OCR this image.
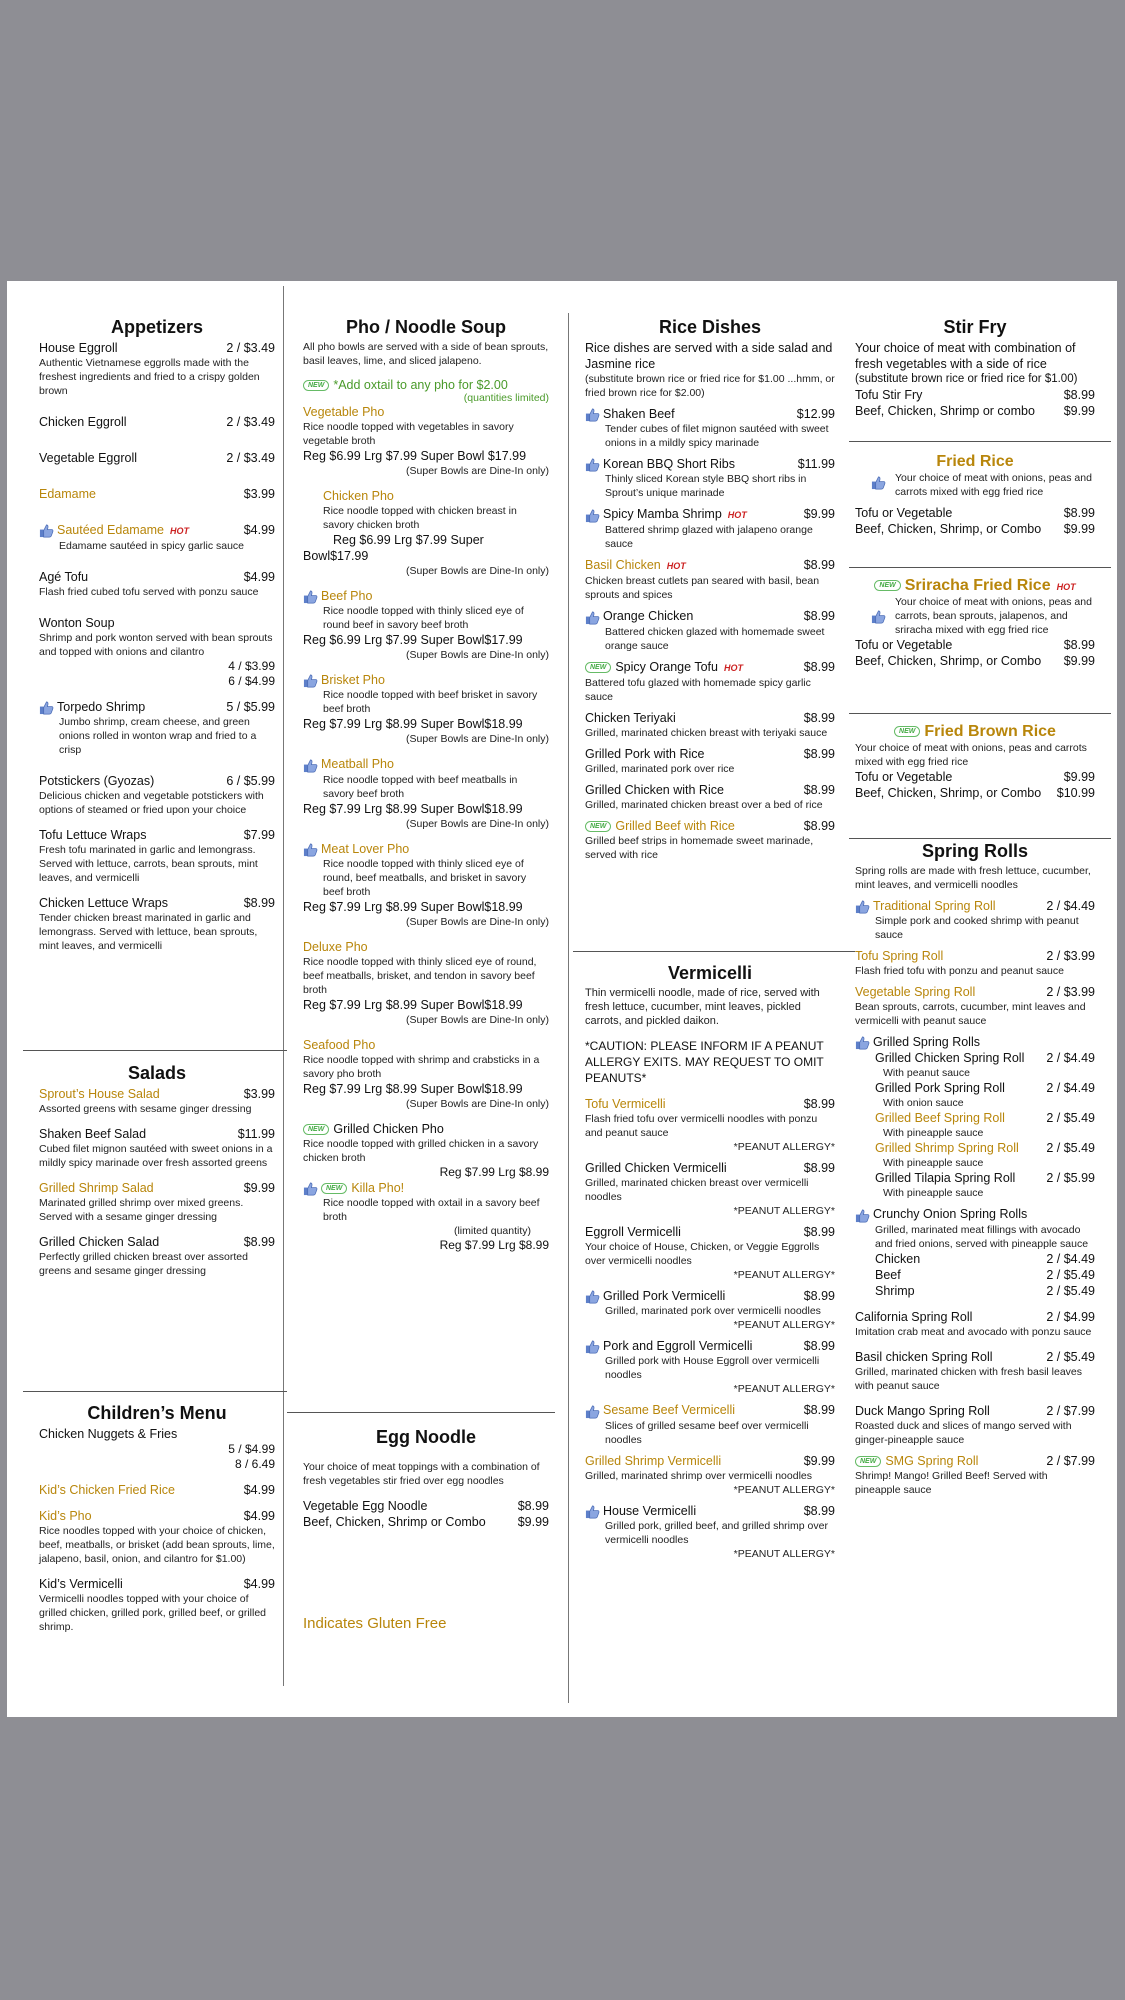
Appetizers
House Eggroll	2 / $3.49
Authentic Vietnamese eggrolls made with the freshest ingredients and fried to a crispy golden brown
Chicken Eggroll	2 / $3.49
Vegetable Eggroll	2 / $3.49
Edamame	$3.99
Sautéed Edamame HOT	$4.99
Edamame sautéed in spicy garlic sauce
Agé Tofu	$4.99
Flash fried cubed tofu served with ponzu sauce
Wonton Soup
Shrimp and pork wonton served with bean sprouts and topped with onions and cilantro
4 / $3.99
6 / $4.99
Torpedo Shrimp	5 / $5.99
Jumbo shrimp, cream cheese, and green onions rolled in wonton wrap and fried to a crisp
Potstickers (Gyozas)	6 / $5.99
Delicious chicken and vegetable potstickers with options of steamed or fried upon your choice
Tofu Lettuce Wraps	$7.99
Fresh tofu marinated in garlic and lemongrass. Served with lettuce, carrots, bean sprouts, mint leaves, and vermicelli
Chicken Lettuce Wraps	$8.99
Tender chicken breast marinated in garlic and lemongrass. Served with lettuce, bean sprouts, mint leaves, and vermicelli
Salads
Sprout’s House Salad	$3.99
Assorted greens with sesame ginger dressing
Shaken Beef Salad	$11.99
Cubed filet mignon sautéed with sweet onions in a mildly spicy marinade over fresh assorted greens
Grilled Shrimp Salad	$9.99
Marinated grilled shrimp over mixed greens. Served with a sesame ginger dressing
Grilled Chicken Salad	$8.99
Perfectly grilled chicken breast over assorted greens and sesame ginger dressing
Children’s Menu
Chicken Nuggets & Fries
5 / $4.99
8 / 6.49
Kid’s Chicken Fried Rice	$4.99
Kid’s Pho	$4.99
Rice noodles topped with your choice of chicken, beef, meatballs, or brisket (add bean sprouts, lime, jalapeno, basil, onion, and cilantro for $1.00)
Kid’s Vermicelli	$4.99
Vermicelli noodles topped with your choice of grilled chicken, grilled pork, grilled beef, or grilled shrimp.
Pho / Noodle Soup
All pho bowls are served with a side of bean sprouts, basil leaves, lime, and sliced jalapeno.
NEW *Add oxtail to any pho for $2.00
(quantities limited)
Vegetable Pho
Rice noodle topped with vegetables in savory vegetable broth
Reg $6.99 Lrg $7.99 Super Bowl $17.99
(Super Bowls are Dine-In only)
Chicken Pho
Rice noodle topped with chicken breast in savory chicken broth
Reg $6.99 Lrg $7.99 Super
Bowl$17.99
(Super Bowls are Dine-In only)
Beef Pho
Rice noodle topped with thinly sliced eye of round beef in savory beef broth
Reg $6.99 Lrg $7.99 Super Bowl$17.99
(Super Bowls are Dine-In only)
Brisket Pho
Rice noodle topped with beef brisket in savory beef broth
Reg $7.99 Lrg $8.99 Super Bowl$18.99
(Super Bowls are Dine-In only)
Meatball Pho
Rice noodle topped with beef meatballs in savory beef broth
Reg $7.99 Lrg $8.99 Super Bowl$18.99
(Super Bowls are Dine-In only)
Meat Lover Pho
Rice noodle topped with thinly sliced eye of round, beef meatballs, and brisket in savory beef broth
Reg $7.99 Lrg $8.99 Super Bowl$18.99
(Super Bowls are Dine-In only)
Deluxe Pho
Rice noodle topped with thinly sliced eye of round, beef meatballs, brisket, and tendon in savory beef broth
Reg $7.99 Lrg $8.99 Super Bowl$18.99
(Super Bowls are Dine-In only)
Seafood Pho
Rice noodle topped with shrimp and crabsticks in a savory pho broth
Reg $7.99 Lrg $8.99 Super Bowl$18.99
(Super Bowls are Dine-In only)
NEW Grilled Chicken Pho
Rice noodle topped with grilled chicken in a savory chicken broth
Reg $7.99 Lrg $8.99
NEW Killa Pho!
Rice noodle topped with oxtail in a savory beef broth
(limited quantity)
Reg $7.99 Lrg $8.99
Egg Noodle
Your choice of meat toppings with a combination of fresh vegetables stir fried over egg noodles
Vegetable Egg Noodle	$8.99
Beef, Chicken, Shrimp or Combo	$9.99
Indicates Gluten Free
Rice Dishes
Rice dishes are served with a side salad and Jasmine rice
(substitute brown rice or fried rice for $1.00 ...hmm, or fried brown rice for $2.00)
Shaken Beef	$12.99
Tender cubes of filet mignon sautéed with sweet onions in a mildly spicy marinade
Korean BBQ Short Ribs	$11.99
Thinly sliced Korean style BBQ short ribs in Sprout’s unique marinade
Spicy Mamba Shrimp HOT	$9.99
Battered shrimp glazed with jalapeno orange sauce
Basil Chicken HOT	$8.99
Chicken breast cutlets pan seared with basil, bean sprouts and spices
Orange Chicken	$8.99
Battered chicken glazed with homemade sweet orange sauce
NEW Spicy Orange Tofu HOT	$8.99
Battered tofu glazed with homemade spicy garlic sauce
Chicken Teriyaki	$8.99
Grilled, marinated chicken breast with teriyaki sauce
Grilled Pork with Rice	$8.99
Grilled, marinated pork over rice
Grilled Chicken with Rice	$8.99
Grilled, marinated chicken breast over a bed of rice
NEW Grilled Beef with Rice	$8.99
Grilled beef strips in homemade sweet marinade, served with rice
Vermicelli
Thin vermicelli noodle, made of rice, served with fresh lettuce, cucumber, mint leaves, pickled carrots, and pickled daikon.
*CAUTION: PLEASE INFORM IF A PEANUT ALLERGY EXITS. MAY REQUEST TO OMIT PEANUTS*
Tofu Vermicelli	$8.99
Flash fried tofu over vermicelli noodles with ponzu and peanut sauce
*PEANUT ALLERGY*
Grilled Chicken Vermicelli	$8.99
Grilled, marinated chicken breast over vermicelli noodles
*PEANUT ALLERGY*
Eggroll Vermicelli	$8.99
Your choice of House, Chicken, or Veggie Eggrolls over vermicelli noodles
*PEANUT ALLERGY*
Grilled Pork Vermicelli	$8.99
Grilled, marinated pork over vermicelli noodles
*PEANUT ALLERGY*
Pork and Eggroll Vermicelli	$8.99
Grilled pork with House Eggroll over vermicelli noodles
*PEANUT ALLERGY*
Sesame Beef Vermicelli	$8.99
Slices of grilled sesame beef over vermicelli noodles
Grilled Shrimp Vermicelli	$9.99
Grilled, marinated shrimp over vermicelli noodles
*PEANUT ALLERGY*
House Vermicelli	$8.99
Grilled pork, grilled beef, and grilled shrimp over vermicelli noodles
*PEANUT ALLERGY*
Stir Fry
Your choice of meat with combination of fresh vegetables with a side of rice
(substitute brown rice or fried rice for $1.00)
Tofu Stir Fry	$8.99
Beef, Chicken, Shrimp or combo $9.99
Fried Rice
Your choice of meat with onions, peas and carrots mixed with egg fried rice
Tofu or Vegetable	$8.99
Beef, Chicken, Shrimp, or Combo $9.99
NEW Sriracha Fried Rice HOT
Your choice of meat with onions, peas and carrots, bean sprouts, jalapenos, and sriracha mixed with egg fried rice
Tofu or Vegetable	$8.99
Beef, Chicken, Shrimp, or Combo $9.99
NEW Fried Brown Rice
Your choice of meat with onions, peas and carrots mixed with egg fried rice
Tofu or Vegetable	$9.99
Beef, Chicken, Shrimp, or Combo $10.99
Spring Rolls
Spring rolls are made with fresh lettuce, cucumber, mint leaves, and vermicelli noodles
Traditional Spring Roll	2 / $4.49
Simple pork and cooked shrimp with peanut sauce
Tofu Spring Roll	2 / $3.99
Flash fried tofu with ponzu and peanut sauce
Vegetable Spring Roll	2 / $3.99
Bean sprouts, carrots, cucumber, mint leaves and vermicelli with peanut sauce
Grilled Spring Rolls
Grilled Chicken Spring Roll 2 / $4.49
With peanut sauce
Grilled Pork Spring Roll	2 / $4.49
With onion sauce
Grilled Beef Spring Roll	2 / $5.49
With pineapple sauce
Grilled Shrimp Spring Roll 2 / $5.49
With pineapple sauce
Grilled Tilapia Spring Roll 2 / $5.99
With pineapple sauce
Crunchy Onion Spring Rolls
Grilled, marinated meat fillings with avocado and fried onions, served with pineapple sauce
Chicken	2 / $4.49
Beef	2 / $5.49
Shrimp	2 / $5.49
California Spring Roll	2 / $4.99
Imitation crab meat and avocado with ponzu sauce
Basil chicken Spring Roll	2 / $5.49
Grilled, marinated chicken with fresh basil leaves with peanut sauce
Duck Mango Spring Roll	2 / $7.99
Roasted duck and slices of mango served with ginger-pineapple sauce
NEW SMG Spring Roll	2 / $7.99
Shrimp! Mango! Grilled Beef! Served with pineapple sauce
